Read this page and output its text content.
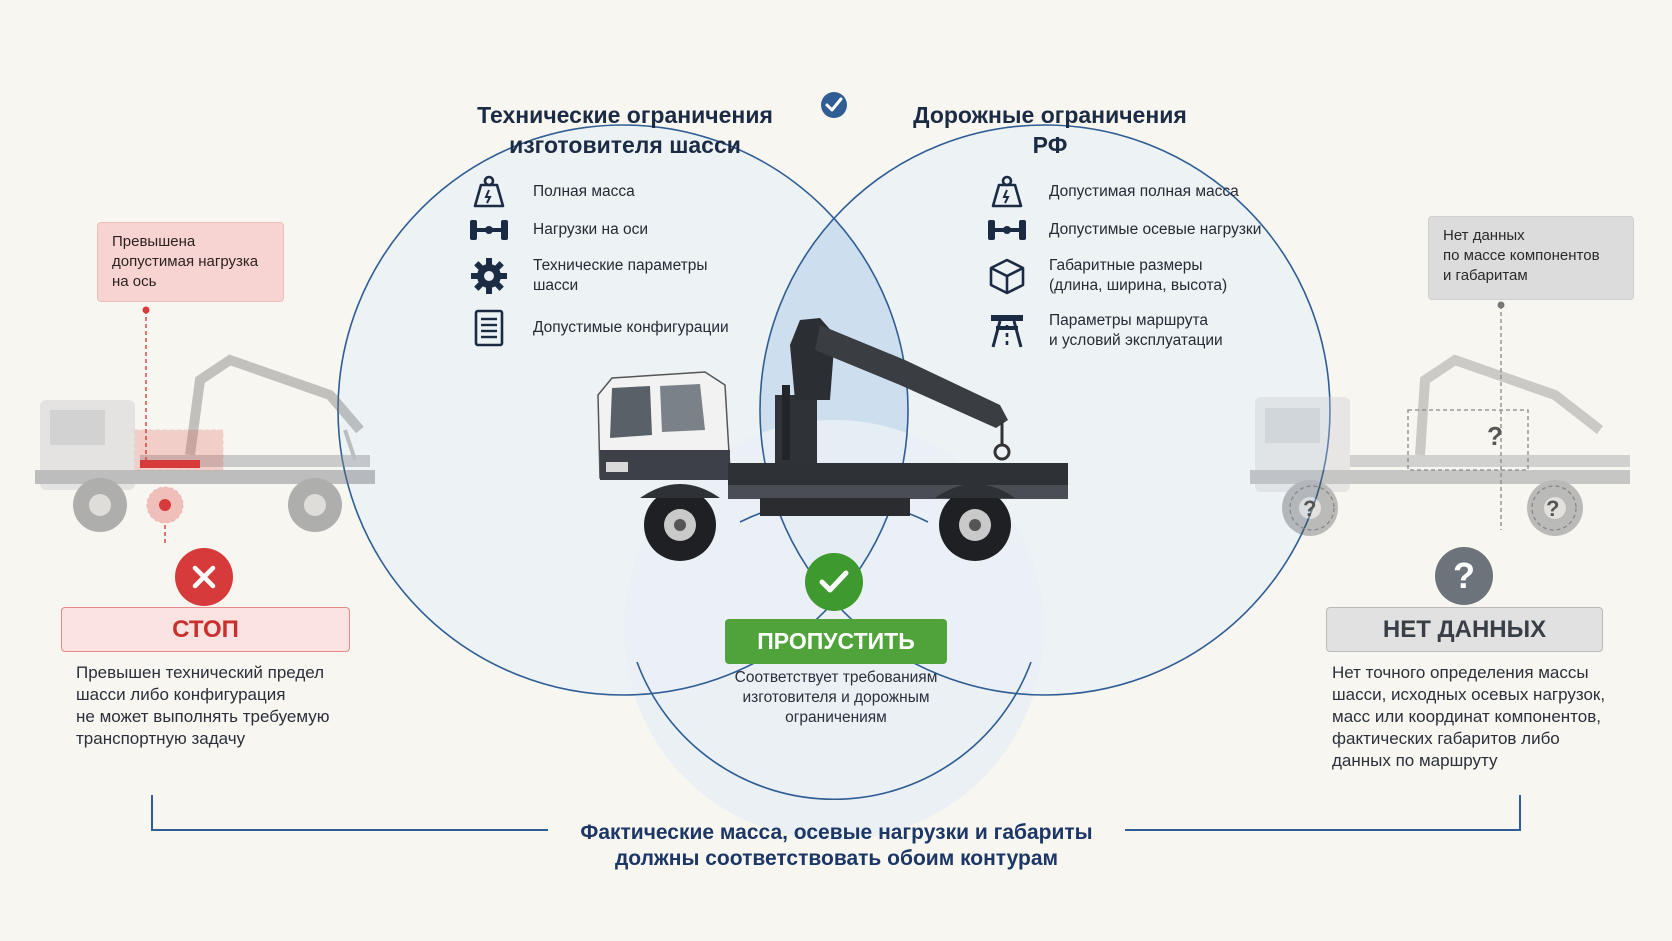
?
?	?
Технические ограничения
изготовителя шасси
Полная масса
Нагрузки на оси
Технические параметры
шасси
Допустимые конфигурации
Дорожные ограничения
РФ
Допустимая полная масса
Допустимые осевые нагрузки
Габаритные размеры
(длина, ширина, высота)
Параметры маршрута
и условий эксплуатации
Превышена
допустимая нагрузка
на ось
СТОП
Превышен технический предел
шасси либо конфигурация
не может выполнять требуемую
транспортную задачу
ПРОПУСТИТЬ
Соответствует требованиям
изготовителя и дорожным
ограничениям
Нет данных
по массе компонентов
и габаритам
?
НЕТ ДАННЫХ
Нет точного определения массы
шасси, исходных осевых нагрузок,
масс или координат компонентов,
фактических габаритов либо
данных по маршруту
Фактические масса, осевые нагрузки и габариты
должны соответствовать обоим контурам
